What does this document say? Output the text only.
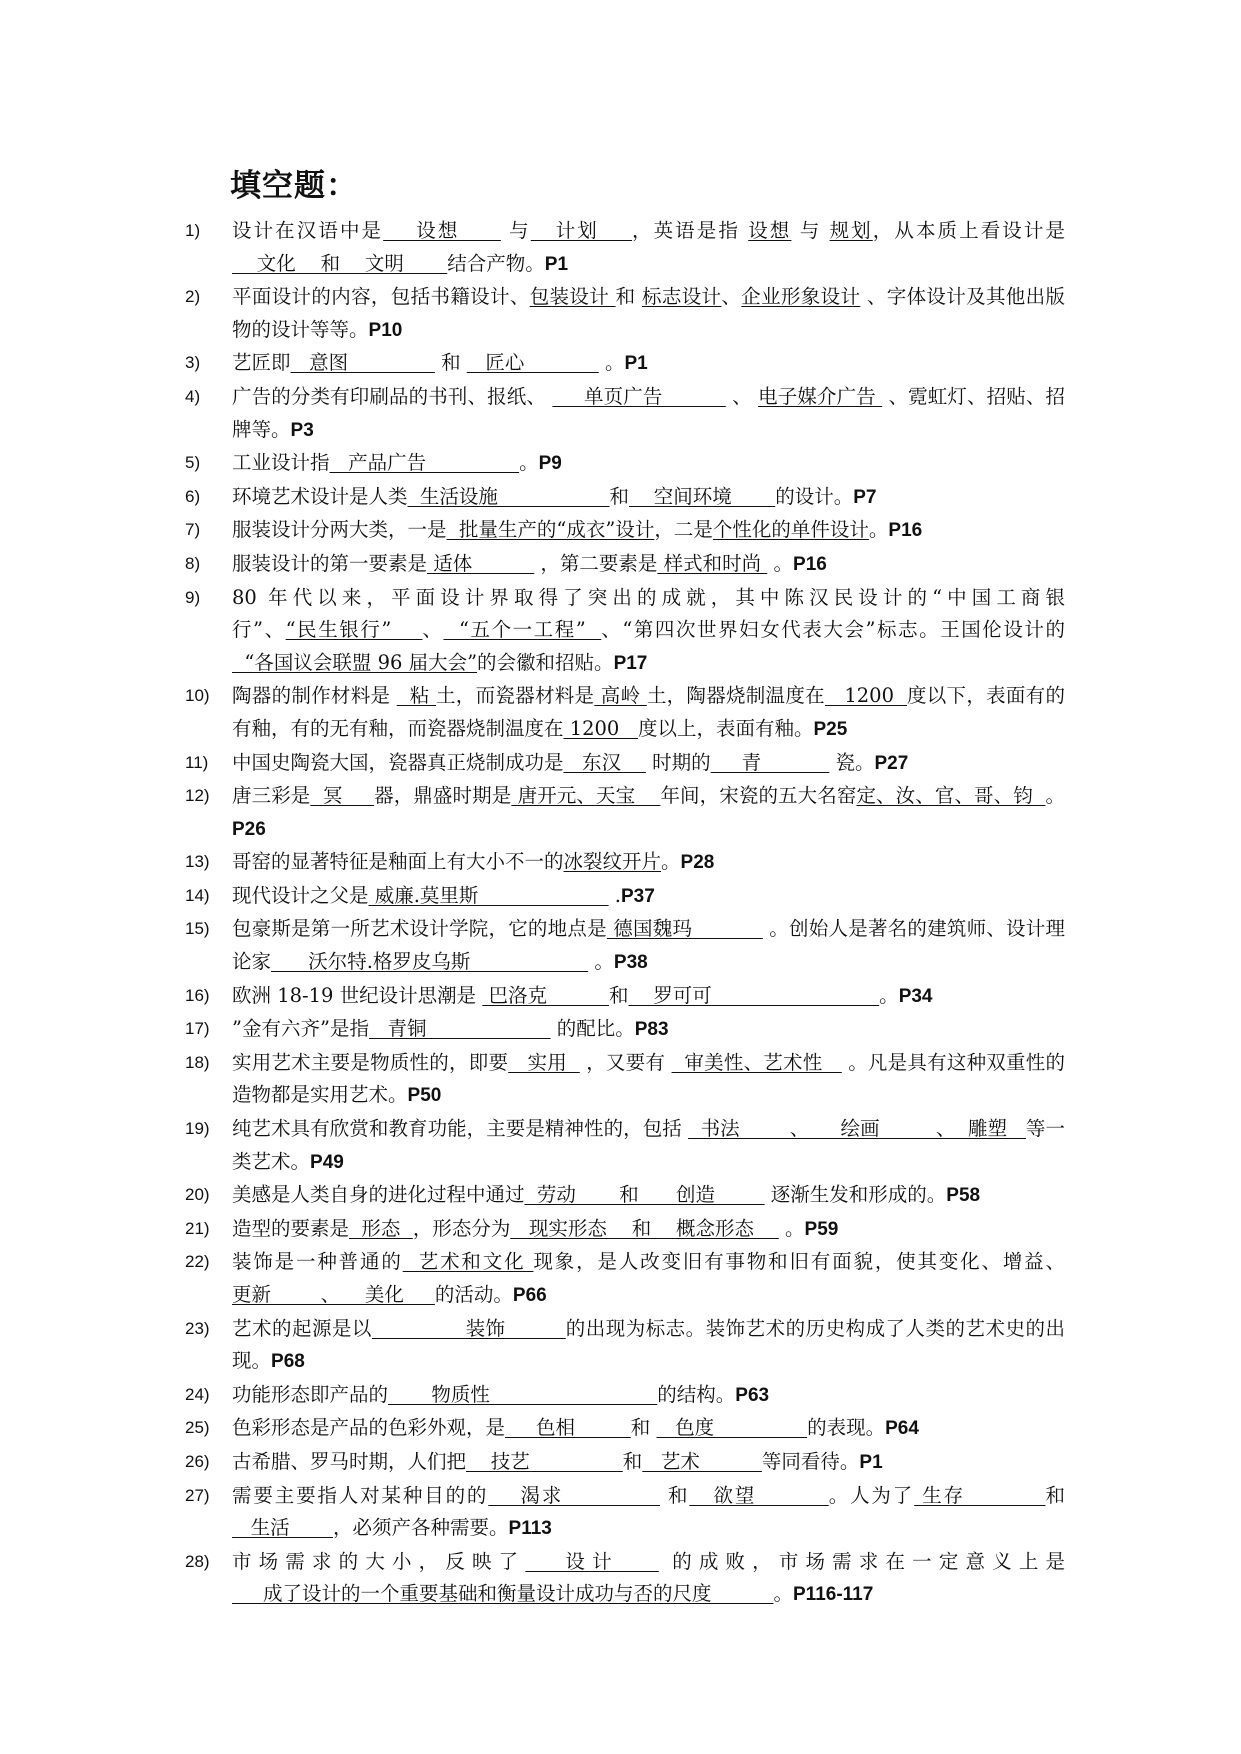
填空题：
1) 设计在汉语中是    设想      与   计划    ，英语是指 设想 与 规划，从本质上看设计是    文化    和    文明       结合产物。P1
2) 平面设计的内容，包括书籍设计、包装设计 和 标志设计、企业形象设计 、字体设计及其他出版物的设计等等。P10
3) 艺匠即   意图               和    匠心             。P1
4) 广告的分类有印刷品的书刊、报纸、      单页广告           、 电子媒介广告  、霓虹灯、招贴、招牌等。P3
5) 工业设计指   产品广告               。P9
6) 环境艺术设计是人类  生活设施                  和    空间环境       的设计。P7
7) 服装设计分两大类，一是  批量生产的“成衣”设计，二是个性化的单件设计。P16
8) 服装设计的第一要素是 适体           ，第二要素是 样式和时尚  。P16
9) 80 年代以来，平面设计界取得了突出的成就，其中陈汉民设计的“中国工商银行”、“民生银行”    、  “五个一工程”  、“第四次世界妇女代表大会”标志。王国伦设计的  “各国议会联盟 96 届大会”的会徽和招贴。P17
10) 陶器的制作材料是   粘 土，而瓷器材料是 高岭 土，陶器烧制温度在   1200  度以下，表面有的有釉，有的无有釉，而瓷器烧制温度在 1200   度以上，表面有釉。P25
11) 中国史陶瓷大国，瓷器真正烧制成功是   东汉     时期的     青            瓷。P27
12) 唐三彩是  冥     器，鼎盛时期是 唐开元、天宝    年间，宋瓷的五大名窑定、汝、官、哥、钧  。P26
13) 哥窑的显著特征是釉面上有大小不一的冰裂纹开片。P28
14) 现代设计之父是 威廉.莫里斯                      .P37
15) 包豪斯是第一所艺术设计学院，它的地点是 德国魏玛            。创始人是著名的建筑师、设计理论家      沃尔特.格罗皮乌斯                    。P38
16) 欧洲 18-19 世纪设计思潮是  巴洛克          和    罗可可                           。P34
17) ”金有六齐”是指   青铜                     的配比。P83
18) 实用艺术主要是物质性的，即要   实用   ，又要有   审美性、艺术性    。凡是具有这种双重性的造物都是实用艺术。P50
19) 纯艺术具有欣赏和教育功能，主要是精神性的，包括   书法        、     绘画         、  雕塑   等一类艺术。P49
20) 美感是人类自身的进化过程中通过  劳动       和      创造         逐渐生发和形成的。P58
21) 造型的要素是  形态  ，形态分为   现实形态    和    概念形态     。P59
22) 装饰是一种普通的  艺术和文化 现象，是人改变旧有事物和旧有面貌，使其变化、增益、更新        、    美化     的活动。P66
23) 艺术的起源是以              装饰         的出现为标志。装饰艺术的历史构成了人类的艺术史的出现。P68
24) 功能形态即产品的       物质性                           的结构。P63
25) 色彩形态是产品的色彩外观，是     色相         和    色度               的表现。P64
26) 古希腊、罗马时期，人们把    技艺               和   艺术          等同看待。P1
27) 需要主要指人对某种目的的    渴求             和   欲望         。人为了 生存          和   生活       ，必须产各种需要。P113
28) 市场需求的大小，反映了   设计    的成败，市场需求在一定意义上是     成了设计的一个重要基础和衡量设计成功与否的尺度          。P116-117
